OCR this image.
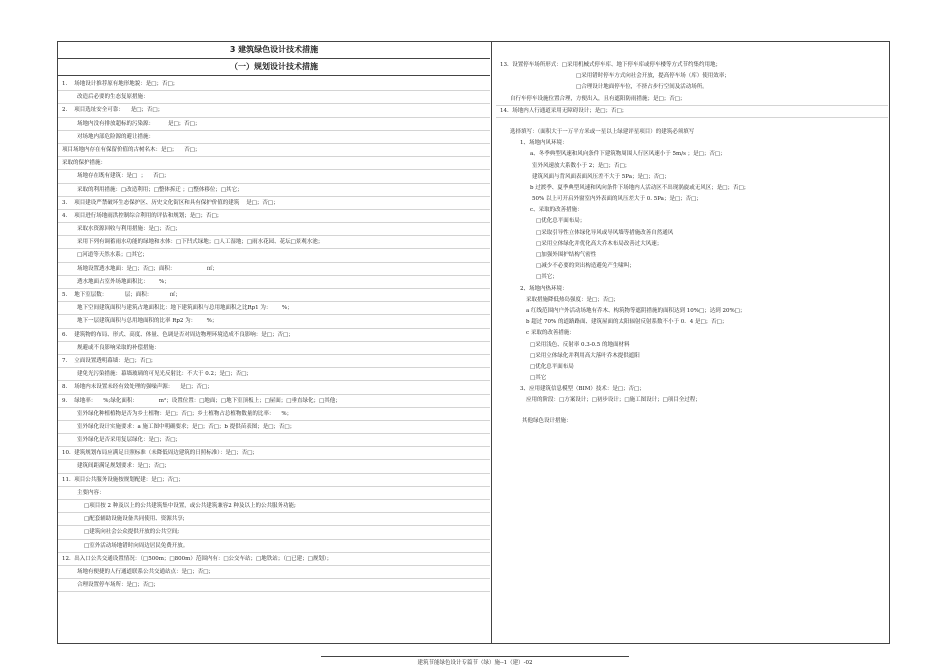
3 建筑绿色设计技术措施
（一）规划设计技术措施
1.    场地设计推荐原有地形地貌：是□；否□；
改造后必要的生态复原措施：
2.    项目选址安全可靠：    是□；否□；
场地内没有排放超标的污染源：        是□；否□；
对场地内部危险源的避让措施：
项目场地内存在有保留价值的古树名木：是□；    否□；
采取的保护措施：
场地存在既有建筑：是□  ；    否□；
采取的利用措施：□改造利用；□整体拆迁 ；□整体移位；□其它；
3.    项目建设严禁破坏生态保护区、历史文化街区和具有保护价值的建筑    是□；否□；
4.    项目进行场地雨洪控制综合利用的评估和规划；是□；否□；
采取水资源回收与利用措施：是□；否□；
采用下列有调蓄雨水功能的绿地和水体：□下凹式绿地；□人工湿地；□雨水花园、花坛□景观水池；
□河道等天然水系；□其它；
场地设置透水地面：是□；否□；面积：                  ㎡；
透水地面占室外场地面积比：      %；
5.    地下室层数：          层；面积：          ㎡；
地下空间建筑面积与建筑占地面积比：地下建筑面积与总用地面积之比Rp1 为：      %；
地下一层建筑面积与总用地面积的比率 Rp2 为：      %；
6.    建筑物的布局、形式、高度、体量、色调是否对周边物理环境造成不良影响：是□；否□；
规避或不良影响采取的补偿措施：
7.    立面设置透明幕墙：是□；否□；
建免光污染措施：幕墙玻璃的可见光反射比：不大于 0.2；是□；否□；
8.    场地内未设置未经有效处理的强噪声源：    是□；否□；
9.    绿地率：    %;绿化面积：            m²；设置位置：□地面；□地下室顶板上；□屋面；□垂直绿化；□其他；
室外绿化种植植物是否为乡土植物：是□；否□；乡土植物占总植物数量的比率：    %；
室外绿化设计实施要求：a 施工图中明确要求；是□；否□；b 提供苗表图；是□；否□；
室外绿化是否采用复层绿化：是□；否□；
10.  建筑规划布局应满足日照标准（未降低周边建筑的日照标准）：是□；否□；
建筑间距满足规划要求：是□；否□；
11.  项目公共服务设施按规划配建：是□；否□；
主要内容：
□项目按 2 种及以上的公共建筑集中设置，或公共建筑兼容2 种及以上的公共服务功能;
□配套辅助设施设备共同使用、资源共享;
□建筑向社会公众提供开放的公共空间;
□室外活动场地错时向周边居民免费开放。
12.  出入口公共交通设置情况：（□500m；□800m）范围内有：□公交车站；□地铁站；（□已建；□规划）；
场地有便捷的人行通道联系公共交通站点：是□；否□；
合理设置停车场所：是□；否□；
13.  设置停车场所形式：□采用机械式停车库、地下停车库或停车楼等方式节约集约用地；
□采用错时停车方式向社会开放，提高停车场（库）使用效率；
□合理设计地面停车位，不挤占步行空间及活动场所。
自行车停车设施位置合理，方便出入，且有遮阳防雨措施；是□；否□；
14.  场地内人行通道采用无障碍设计；是□；否□；
选择填写：（面积大于一万平方米或一星以上绿建评星项目）的建筑必须填写
1、场地内风环境：
a、冬季典型风速和风向条件下建筑物周围人行区风速小于 5m/s ；是□；否□；
室外风速放大系数小于 2；是□；否□；
建筑风面与背风面表面风压差不大于 5Pa；是□；否□；
b 过渡季、夏季典型风速和风向条件下场地内人活动区不出现涡旋或无风区；是□；否□；
50% 以上可开启外窗室内外表面的风压差大于 0. 5Pa；是□；否□；
c、采取的改善措施：
□优化总平面布局；
□采取引导性立体绿化导风或导风墙等措施改善自然通风
□采用立体绿化并优化高大乔木布局改善过大风速；
□加强外围护结构气密性
□减少不必要的突出构造避免产生啸叫；
□其它；
2、场地内热环境：
采取措施降低热岛强度：是□；否□；
a 红线范围内户外活动场地有乔木、构筑物等遮阴措施的面积达到 10%□；达到 20%□；
b 超过 70% 的道路路面、建筑屋面的太阳辐射反射系数不小于 0．4 是□；否□；
c 采取的改善措施：
□采用浅色、反射率 0.3-0.5 的地面材料
□采用立体绿化并利用高大落叶乔木提供遮阳
□优化总平面布局
□其它
3、应用建筑信息模型（BIM）技术：是□；否□；
应用的阶段：□方案设计；□初步设计；□施工图设计；□项目全过程；
其他绿色设计措施：
建筑节能绿色设计专篇节（绿）施--1（建）-02
